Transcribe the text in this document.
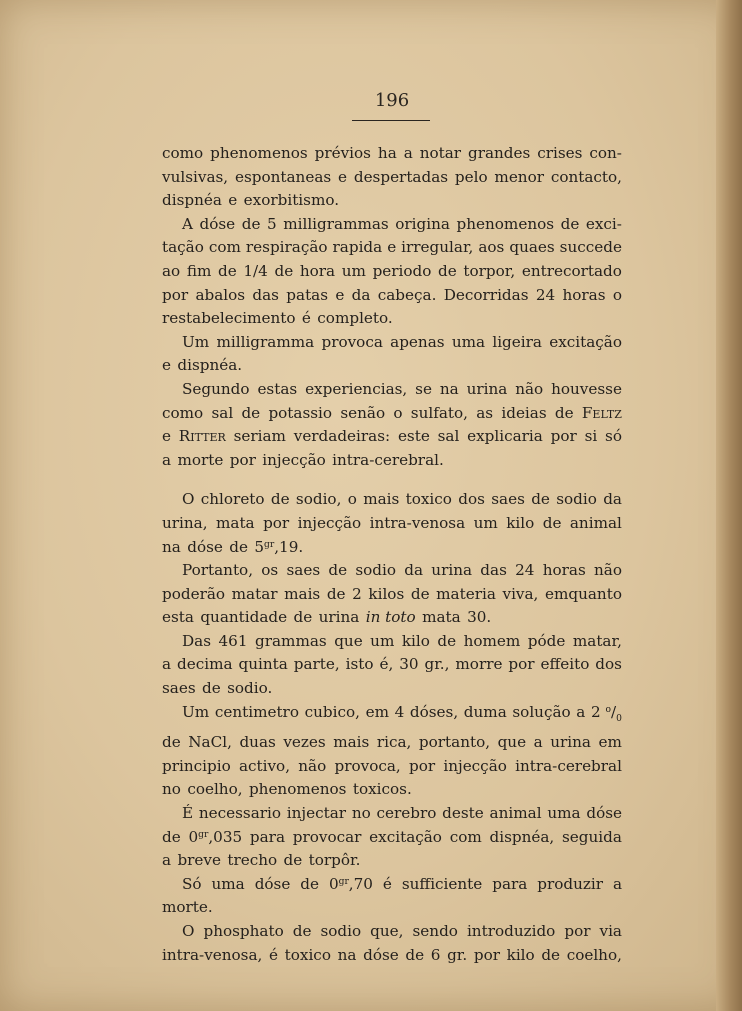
196
como phenomenos prévios ha a notar grandes crises con-
vulsivas, espontaneas e despertadas pelo menor contacto,
dispnéa e exorbitismo.
A dóse de 5 milligrammas origina phenomenos de exci-
tação com respiração rapida e irregular, aos quaes succede
ao fim de 1/4 de hora um periodo de torpor, entrecortado
por abalos das patas e da cabeça. Decorridas 24 horas o
restabelecimento é completo.
Um milligramma provoca apenas uma ligeira excitação
e dispnéa.
Segundo estas experiencias, se na urina não houvesse
como sal de potassio senão o sulfato, as ideias de Feltz
e Ritter seriam verdadeiras: este sal explicaria por si só
a morte por injecção intra-cerebral.
O chloreto de sodio, o mais toxico dos saes de sodio da
urina, mata por injecção intra-venosa um kilo de animal
na dóse de $5^{gr},19$.
Portanto, os saes de sodio da urina das 24 horas não
poderão matar mais de 2 kilos de materia viva, emquanto
esta quantidade de urina in toto mata 30.
Das 461 grammas que um kilo de homem póde matar,
a decima quinta parte, isto é, 30 gr., morre por effeito dos
saes de sodio.
Um centimetro cubico, em 4 dóses, duma solução a 2 $^o/_0$
de NaCl, duas vezes mais rica, portanto, que a urina em
principio activo, não provoca, por injecção intra-cerebral
no coelho, phenomenos toxicos.
É necessario injectar no cerebro deste animal uma dóse
de $0^{gr},035$ para provocar excitação com dispnéa, seguida
a breve trecho de torpôr.
Só uma dóse de $0^{gr},70$ é sufficiente para produzir a
morte.
O phosphato de sodio que, sendo introduzido por via
intra-venosa, é toxico na dóse de 6 gr. por kilo de coelho,
